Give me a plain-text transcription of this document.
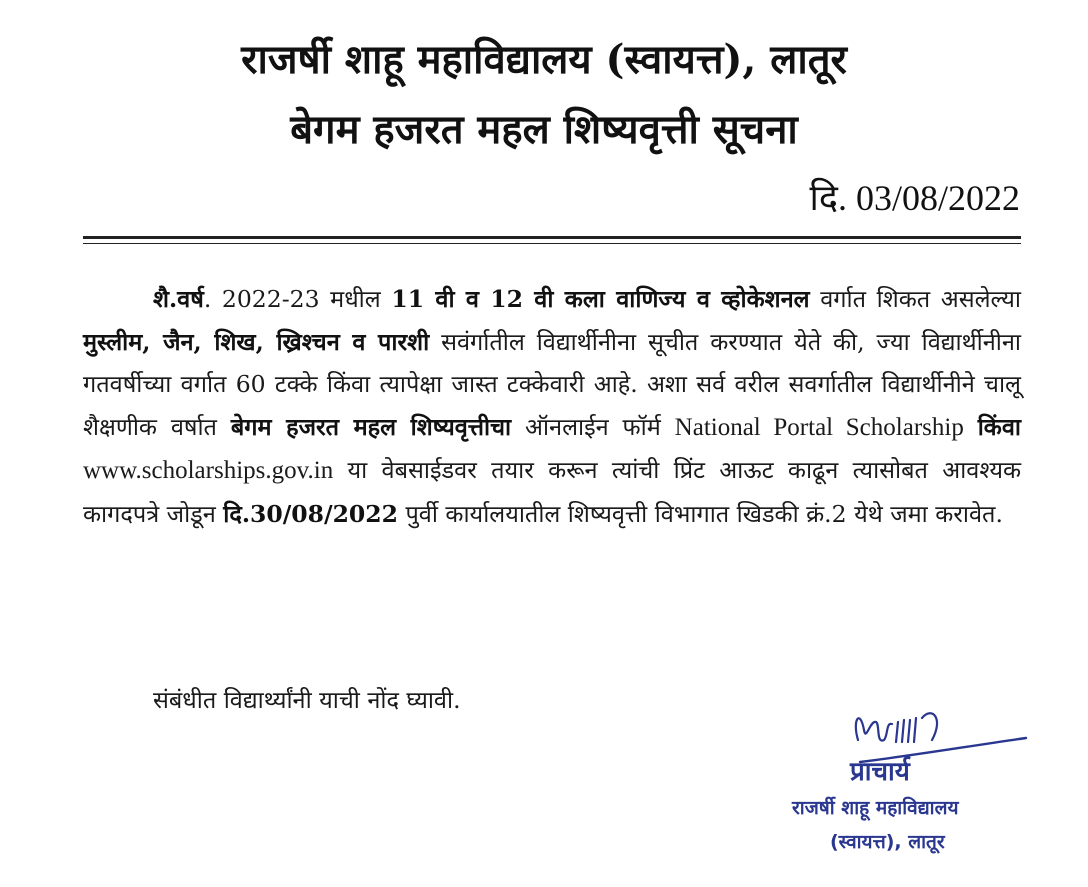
राजर्षी शाहू महाविद्यालय (स्वायत्त), लातूर
बेगम हजरत महल शिष्यवृत्ती सूचना
दि. 03/08/2022
शै.वर्ष. 2022-23 मधील 11 वी व 12 वी कला वाणिज्य व व्होकेशनल वर्गात शिकत असलेल्या मुस्लीम, जैन, शिख, ख्रिश्चन व पारशी सवंर्गातील विद्यार्थीनीना सूचीत करण्यात येते की, ज्या विद्यार्थीनीना गतवर्षीच्या वर्गात 60 टक्के किंवा त्यापेक्षा जास्त टक्केवारी आहे. अशा सर्व वरील सवर्गातील विद्यार्थीनीने चालू शैक्षणीक वर्षात बेगम हजरत महल शिष्यवृत्तीचा ऑनलाईन फॉर्म National Portal Scholarship किंवा www.scholarships.gov.in या वेबसाईडवर तयार करून त्यांची प्रिंट आऊट काढून त्यासोबत आवश्यक कागदपत्रे जोडून दि.30/08/2022 पुर्वी कार्यालयातील शिष्यवृत्ती विभागात खिडकी क्रं.2 येथे जमा करावेत.
संबंधीत विद्यार्थ्यांनी याची नोंद घ्यावी.
प्राचार्य
राजर्षी शाहू महाविद्यालय
(स्वायत्त), लातूर
